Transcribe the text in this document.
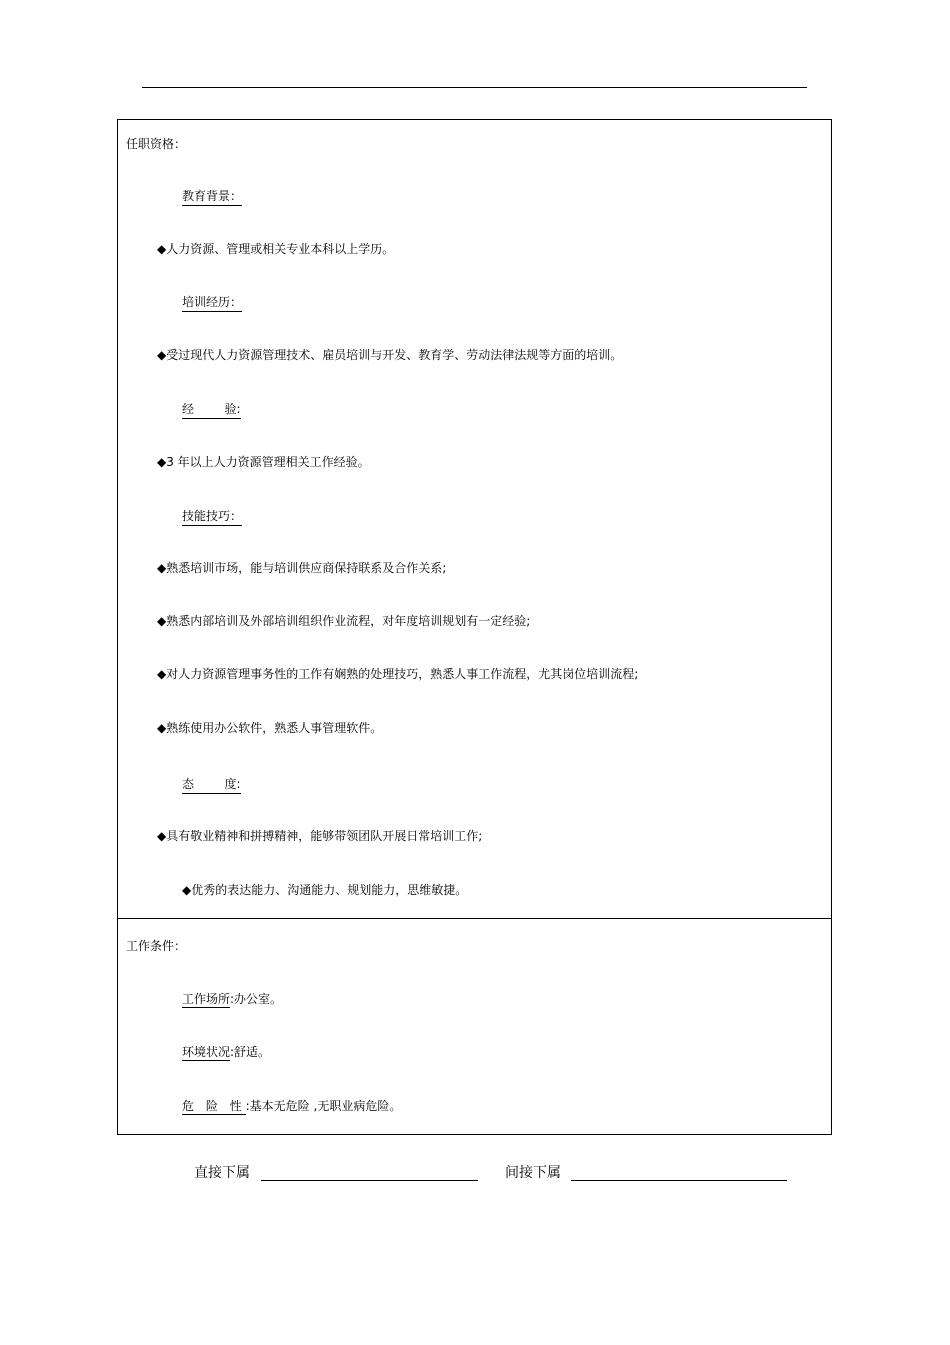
任职资格：
教育背景：
◆人力资源、管理或相关专业本科以上学历。
培训经历：
◆受过现代人力资源管理技术、雇员培训与开发、教育学、劳动法律法规等方面的培训。
经        验:
◆3 年以上人力资源管理相关工作经验。
技能技巧：
◆熟悉培训市场，能与培训供应商保持联系及合作关系;
◆熟悉内部培训及外部培训组织作业流程，对年度培训规划有一定经验;
◆对人力资源管理事务性的工作有娴熟的处理技巧，熟悉人事工作流程，尤其岗位培训流程;
◆熟练使用办公软件，熟悉人事管理软件。
态        度:
◆具有敬业精神和拼搏精神，能够带领团队开展日常培训工作;
◆优秀的表达能力、沟通能力、规划能力，思维敏捷。
工作条件：
工作场所:办公室。
环境状况:舒适。
危 险 性:基本无危险 ,无职业病危险。
直接下属	间接下属
